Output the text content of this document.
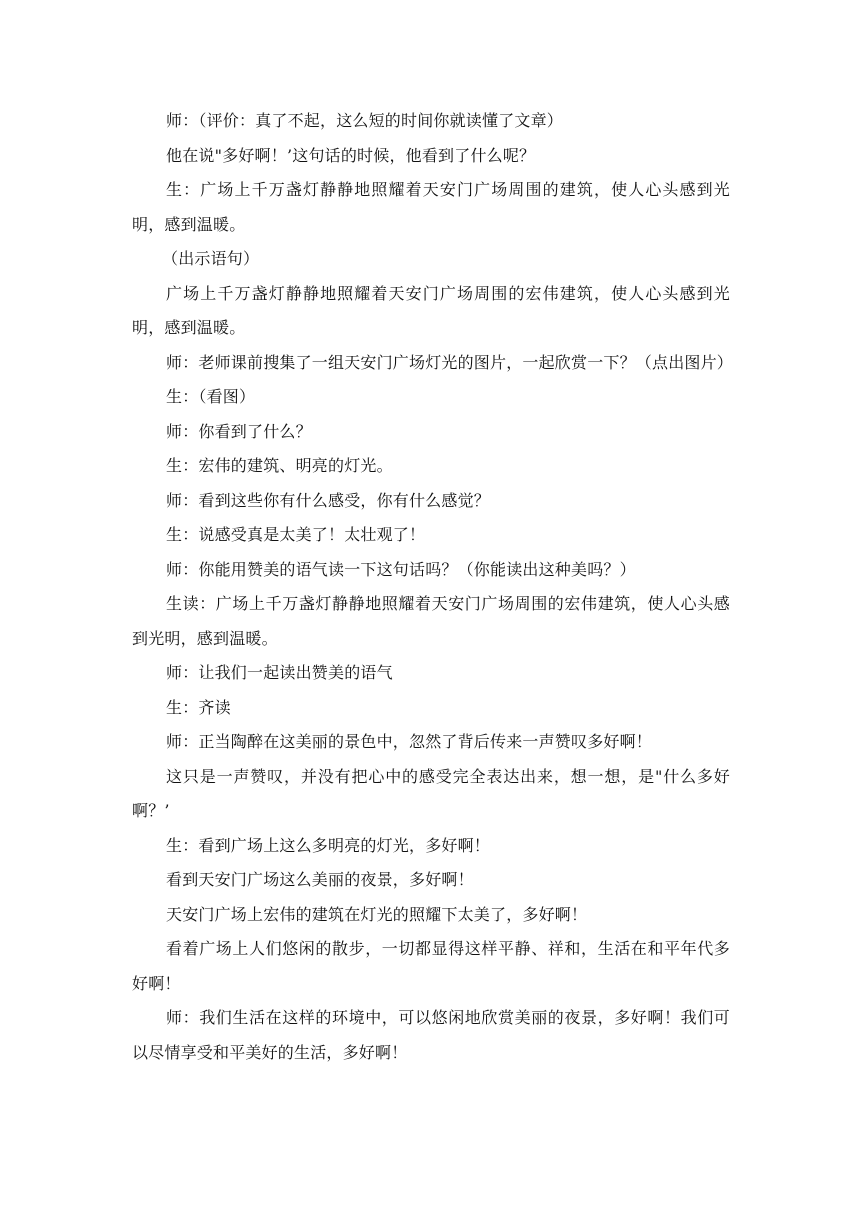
师：（评价：真了不起，这么短的时间你就读懂了文章）

他在说"多好啊！’这句话的时候，他看到了什么呢？

生：广场上千万盏灯静静地照耀着天安门广场周围的建筑，使人心头感到光明，感到温暖。

（出示语句）

广场上千万盏灯静静地照耀着天安门广场周围的宏伟建筑，使人心头感到光明，感到温暖。

师：老师课前搜集了一组天安门广场灯光的图片，一起欣赏一下？（点出图片）

生：（看图）

师：你看到了什么？

生：宏伟的建筑、明亮的灯光。

师：看到这些你有什么感受，你有什么感觉？

生：说感受真是太美了！太壮观了！

师：你能用赞美的语气读一下这句话吗？（你能读出这种美吗？）

生读：广场上千万盏灯静静地照耀着天安门广场周围的宏伟建筑，使人心头感到光明，感到温暖。

师：让我们一起读出赞美的语气

生：齐读

师：正当陶醉在这美丽的景色中，忽然了背后传来一声赞叹多好啊！

这只是一声赞叹，并没有把心中的感受完全表达出来，想一想，是"什么多好啊？’

生：看到广场上这么多明亮的灯光，多好啊！

看到天安门广场这么美丽的夜景，多好啊！

天安门广场上宏伟的建筑在灯光的照耀下太美了，多好啊！

看着广场上人们悠闲的散步，一切都显得这样平静、祥和，生活在和平年代多好啊！

师：我们生活在这样的环境中，可以悠闲地欣赏美丽的夜景，多好啊！我们可以尽情享受和平美好的生活，多好啊！
